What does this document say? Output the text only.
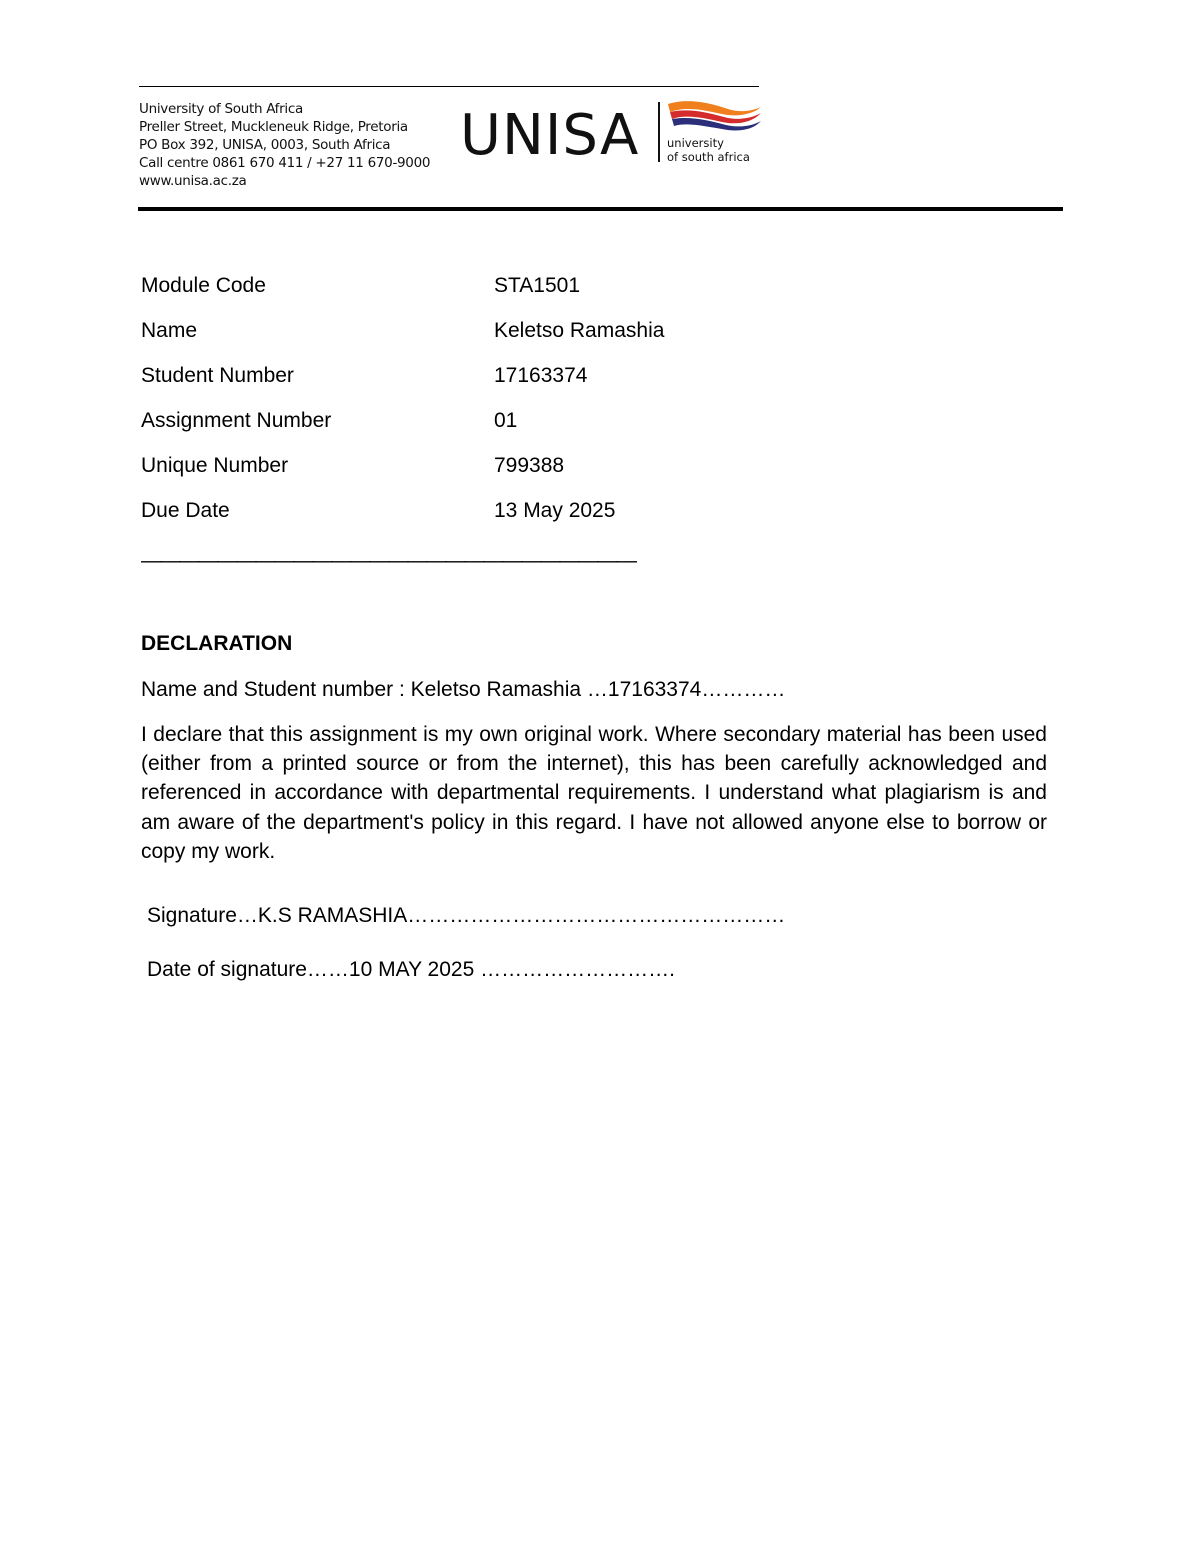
University of South Africa
Preller Street, Muckleneuk Ridge, Pretoria
PO Box 392, UNISA, 0003, South Africa
Call centre 0861 670 411 / +27 11 670-9000
www.unisa.ac.za
UNISA university
of south africa
Module Code	STA1501
Name	Keletso Ramashia
Student Number	17163374
Assignment Number	01
Unique Number	799388
Due Date	13 May 2025
——————————————————————————
DECLARATION
Name and Student number : Keletso Ramashia …17163374…………
I declare that this assignment is my own original work. Where secondary material has been used (either from a printed source or from the internet), this has been carefully acknowledged and referenced in accordance with departmental requirements. I understand what plagiarism is and am aware of the department's policy in this regard. I have not allowed anyone else to borrow or copy my work.
Signature…K.S RAMASHIA………………………………………………
Date of signature……10 MAY 2025 ……………………….
